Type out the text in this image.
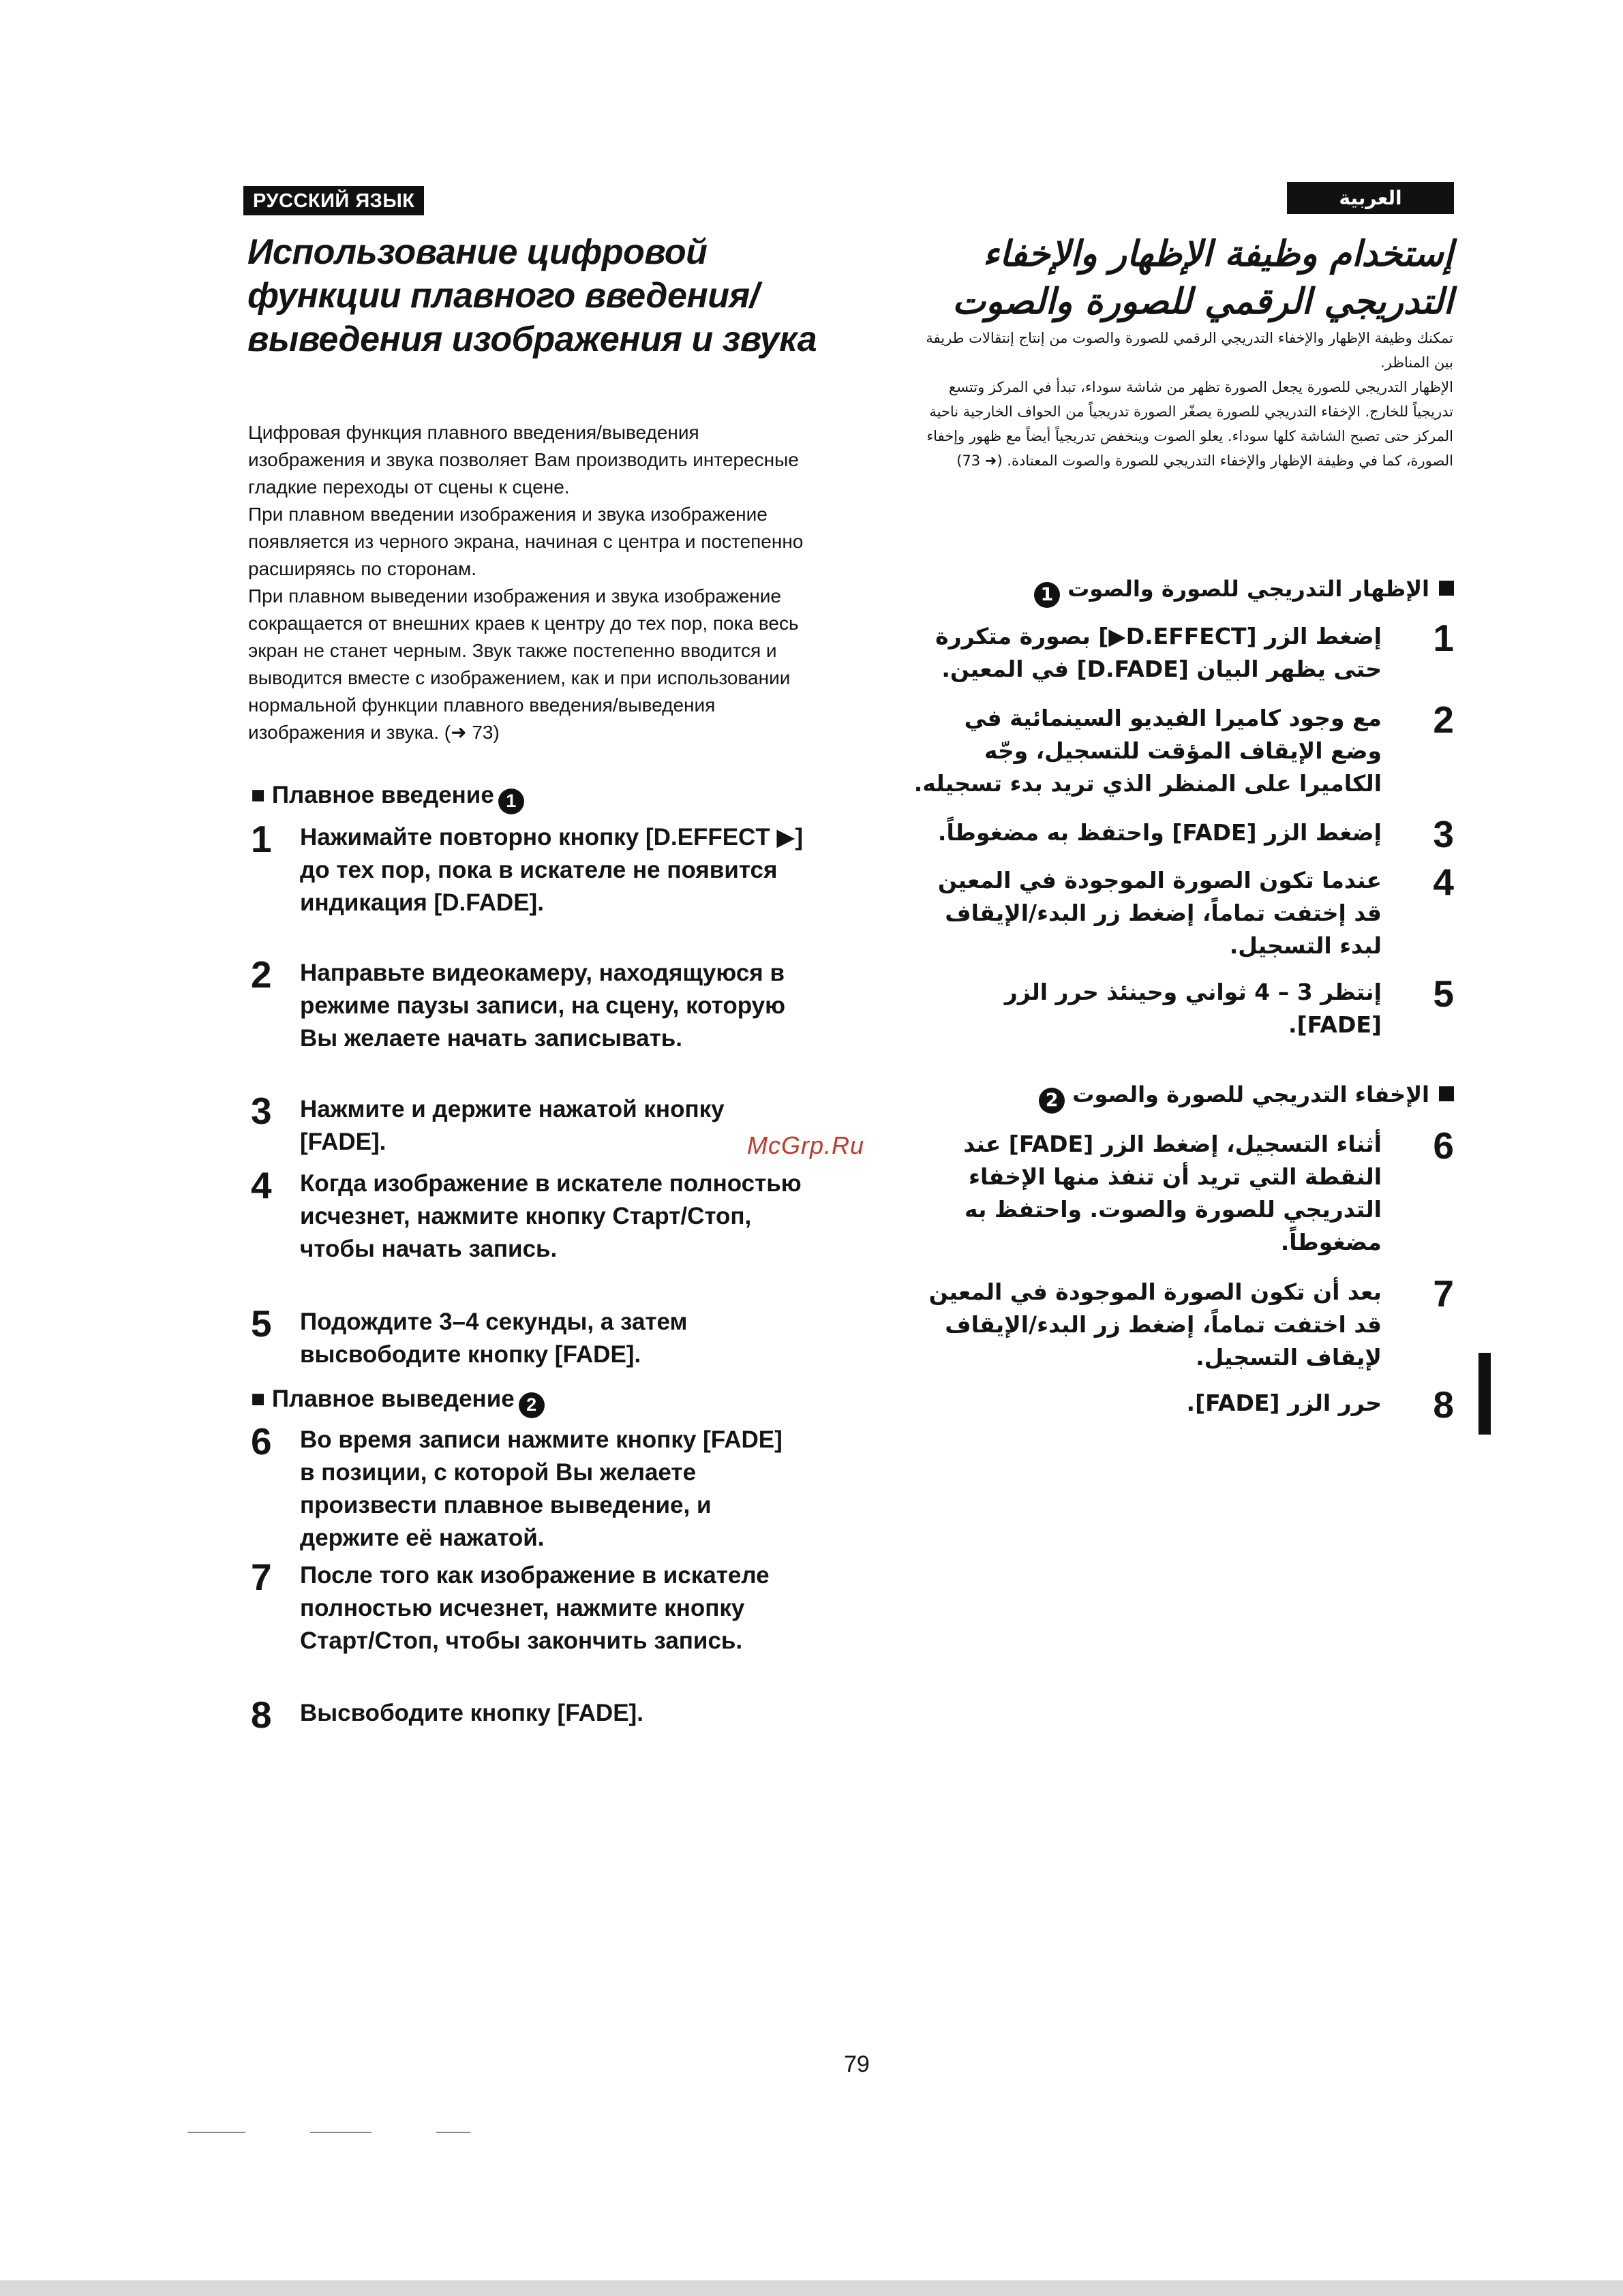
РУССКИЙ ЯЗЫК
Использование цифровой функции плавного введения/выведения изображения и звука
Цифровая функция плавного введения/выведения изображения и звука позволяет Вам производить интересные гладкие переходы от сцены к сцене.
При плавном введении изображения и звука изображение появляется из черного экрана, начиная с центра и постепенно расширяясь по сторонам.
При плавном выведении изображения и звука изображение сокращается от внешних краев к центру до тех пор, пока весь экран не станет черным. Звук также постепенно вводится и выводится вместе с изображением, как и при использовании нормальной функции плавного введения/выведения изображения и звука. (➜ 73)
■ Плавное введение 1
1	Нажимайте повторно кнопку [D.EFFECT ▶] до тех пор, пока в искателе не появится индикация [D.FADE].
2	Направьте видеокамеру, находящуюся в режиме паузы записи, на сцену, которую Вы желаете начать записывать.
3	Нажмите и держите нажатой кнопку [FADE].
4	Когда изображение в искателе полностью исчезнет, нажмите кнопку Старт/Стоп, чтобы начать запись.
5	Подождите 3–4 секунды, а затем высвободите кнопку [FADE].
■ Плавное выведение 2
6	Во время записи нажмите кнопку [FADE] в позиции, с которой Вы желаете произвести плавное выведение, и держите её нажатой.
7	После того как изображение в искателе полностью исчезнет, нажмите кнопку Старт/Стоп, чтобы закончить запись.
8	Высвободите кнопку [FADE].
العربية
إستخدام وظيفة الإظهار والإخفاء التدريجي الرقمي للصورة والصوت
تمكنك وظيفة الإظهار والإخفاء التدريجي الرقمي للصورة والصوت من إنتاج إنتقالات طريفة بين المناظر.
الإظهار التدريجي للصورة يجعل الصورة تظهر من شاشة سوداء، تبدأ في المركز وتتسع تدريجياً للخارج. الإخفاء التدريجي للصورة يصغّر الصورة تدريجياً من الحواف الخارجية ناحية المركز حتى تصبح الشاشة كلها سوداء. يعلو الصوت وينخفض تدريجياً أيضاً مع ظهور وإخفاء الصورة، كما في وظيفة الإظهار والإخفاء التدريجي للصورة والصوت المعتادة. (➜ 73)
الإظهار التدريجي للصورة والصوت 1
1
إضغط الزر [D.EFFECT▶] بصورة متكررة حتى يظهر البيان [D.FADE] في المعين.
2
مع وجود كاميرا الفيديو السينمائية في وضع الإيقاف المؤقت للتسجيل، وجّه الكاميرا على المنظر الذي تريد بدء تسجيله.
3
إضغط الزر [FADE] واحتفظ به مضغوطاً.
4
عندما تكون الصورة الموجودة في المعين قد إختفت تماماً، إضغط زر البدء/الإيقاف لبدء التسجيل.
5
إنتظر 3 – 4 ثواني وحينئذ حرر الزر [FADE].
الإخفاء التدريجي للصورة والصوت 2
6
أثناء التسجيل، إضغط الزر [FADE] عند النقطة التي تريد أن تنفذ منها الإخفاء التدريجي للصورة والصوت. واحتفظ به مضغوطاً.
7
بعد أن تكون الصورة الموجودة في المعين قد اختفت تماماً، إضغط زر البدء/الإيقاف لإيقاف التسجيل.
8
حرر الزر [FADE].
McGrp.Ru
79
